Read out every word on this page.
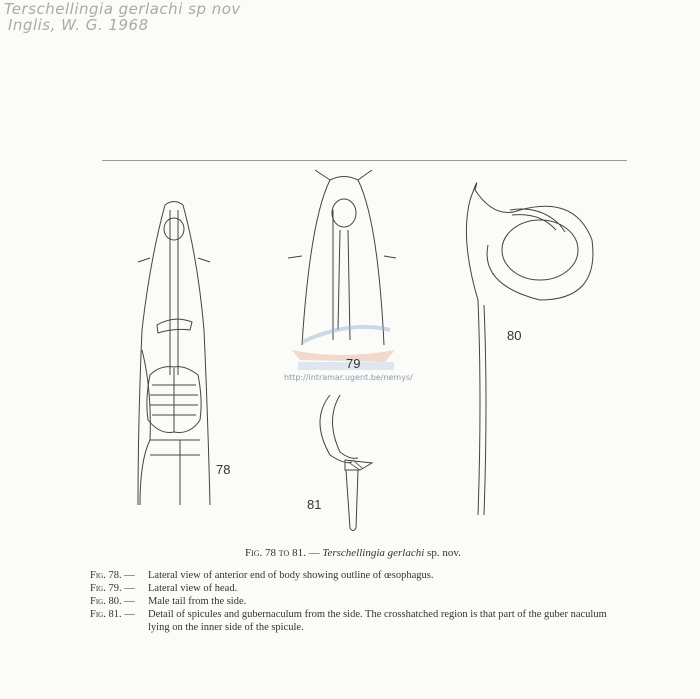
Terschellingia gerlachi sp nov
Inglis, W. G. 1968
78
79
80
81
http://intramar.ugent.be/nemys/
Fig. 78 to 81. — Terschellingia gerlachi sp. nov.
Fig. 78. —	Lateral view of anterior end of body showing outline of œsophagus.
Fig. 79. —	Lateral view of head.
Fig. 80. —	Male tail from the side.
Fig. 81. —	Detail of spicules and gubernaculum from the side. The crosshatched region is that part of the guber naculum lying on the inner side of the spicule.
